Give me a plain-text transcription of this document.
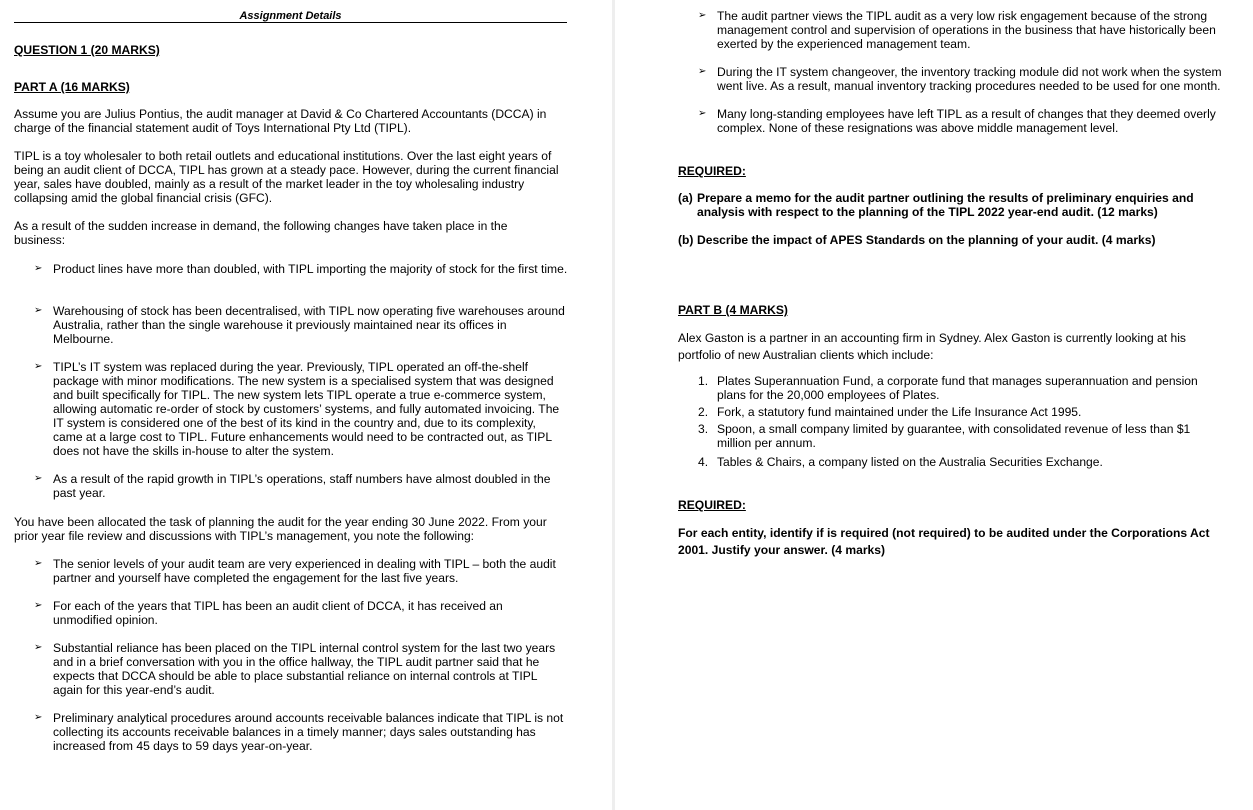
Assignment Details
QUESTION 1 (20 MARKS)
PART A (16 MARKS)
Assume you are Julius Pontius, the audit manager at David & Co Chartered Accountants (DCCA) in charge of the financial statement audit of Toys International Pty Ltd (TIPL).
TIPL is a toy wholesaler to both retail outlets and educational institutions. Over the last eight years of being an audit client of DCCA, TIPL has grown at a steady pace. However, during the current financial year, sales have doubled, mainly as a result of the market leader in the toy wholesaling industry collapsing amid the global financial crisis (GFC).
As a result of the sudden increase in demand, the following changes have taken place in the business:
➢ Product lines have more than doubled, with TIPL importing the majority of stock for the first time.
➢ Warehousing of stock has been decentralised, with TIPL now operating five warehouses around Australia, rather than the single warehouse it previously maintained near its offices in Melbourne.
➢ TIPL’s IT system was replaced during the year. Previously, TIPL operated an off-the-shelf package with minor modifications. The new system is a specialised system that was designed and built specifically for TIPL. The new system lets TIPL operate a true e-commerce system, allowing automatic re-order of stock by customers’ systems, and fully automated invoicing. The IT system is considered one of the best of its kind in the country and, due to its complexity, came at a large cost to TIPL. Future enhancements would need to be contracted out, as TIPL does not have the skills in-house to alter the system.
➢ As a result of the rapid growth in TIPL’s operations, staff numbers have almost doubled in the past year.
You have been allocated the task of planning the audit for the year ending 30 June 2022. From your prior year file review and discussions with TIPL’s management, you note the following:
➢ The senior levels of your audit team are very experienced in dealing with TIPL – both the audit partner and yourself have completed the engagement for the last five years.
➢ For each of the years that TIPL has been an audit client of DCCA, it has received an unmodified opinion.
➢ Substantial reliance has been placed on the TIPL internal control system for the last two years and in a brief conversation with you in the office hallway, the TIPL audit partner said that he expects that DCCA should be able to place substantial reliance on internal controls at TIPL again for this year-end’s audit.
➢ Preliminary analytical procedures around accounts receivable balances indicate that TIPL is not collecting its accounts receivable balances in a timely manner; days sales outstanding has increased from 45 days to 59 days year-on-year.
➢ The audit partner views the TIPL audit as a very low risk engagement because of the strong management control and supervision of operations in the business that have historically been exerted by the experienced management team.
➢ During the IT system changeover, the inventory tracking module did not work when the system went live. As a result, manual inventory tracking procedures needed to be used for one month.
➢ Many long-standing employees have left TIPL as a result of changes that they deemed overly complex. None of these resignations was above middle management level.
REQUIRED:
(a) Prepare a memo for the audit partner outlining the results of preliminary enquiries and analysis with respect to the planning of the TIPL 2022 year-end audit. (12 marks)
(b) Describe the impact of APES Standards on the planning of your audit. (4 marks)
PART B (4 MARKS)
Alex Gaston is a partner in an accounting firm in Sydney. Alex Gaston is currently looking at his portfolio of new Australian clients which include:
1. Plates Superannuation Fund, a corporate fund that manages superannuation and pension plans for the 20,000 employees of Plates.
2. Fork, a statutory fund maintained under the Life Insurance Act 1995.
3. Spoon, a small company limited by guarantee, with consolidated revenue of less than $1 million per annum.
4. Tables & Chairs, a company listed on the Australia Securities Exchange.
REQUIRED:
For each entity, identify if is required (not required) to be audited under the Corporations Act 2001. Justify your answer. (4 marks)
